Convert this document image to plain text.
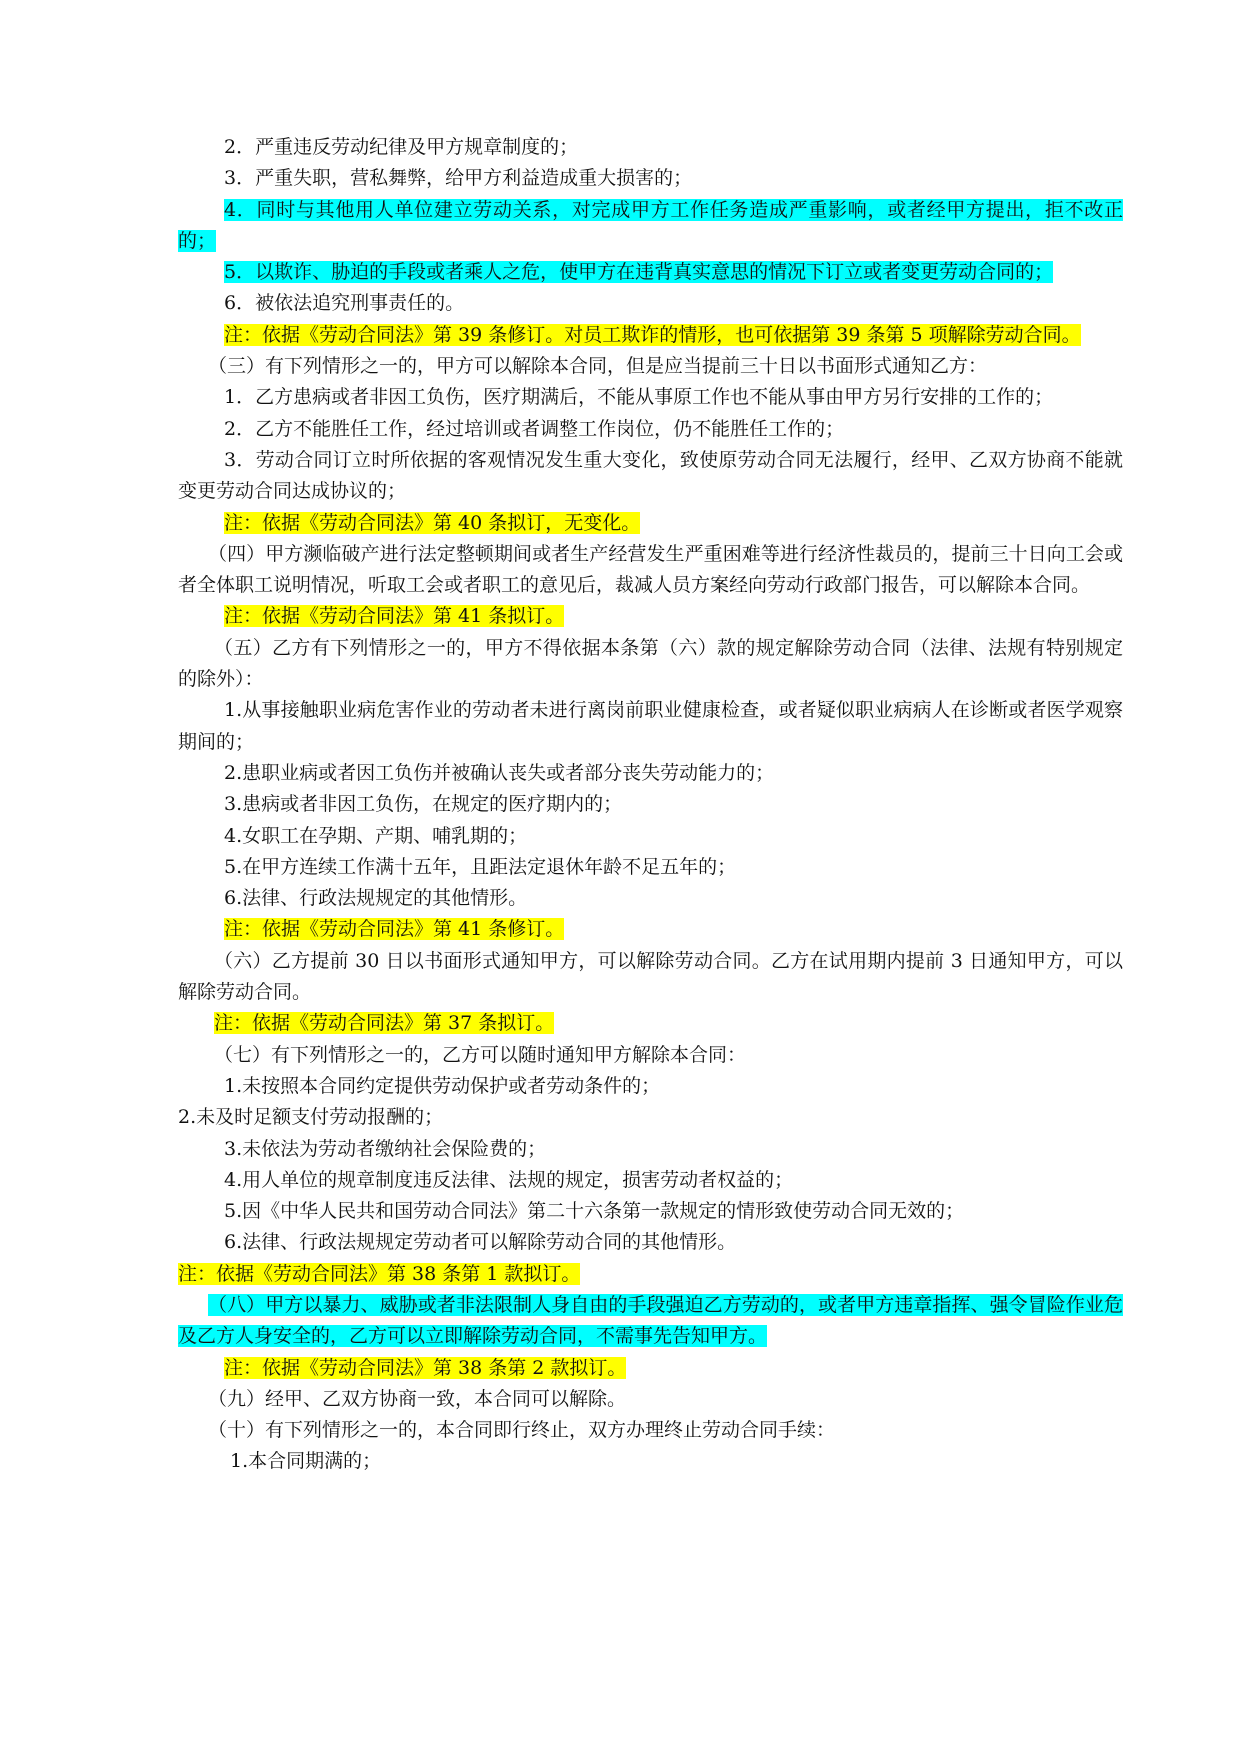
2．严重违反劳动纪律及甲方规章制度的；

3．严重失职，营私舞弊，给甲方利益造成重大损害的；

4．同时与其他用人单位建立劳动关系，对完成甲方工作任务造成严重影响，或者经甲方提出，拒不改正的；

5．以欺诈、胁迫的手段或者乘人之危，使甲方在违背真实意思的情况下订立或者变更劳动合同的；

6．被依法追究刑事责任的。

注：依据《劳动合同法》第 39 条修订。对员工欺诈的情形，也可依据第 39 条第 5 项解除劳动合同。

（三）有下列情形之一的，甲方可以解除本合同，但是应当提前三十日以书面形式通知乙方：

1．乙方患病或者非因工负伤，医疗期满后，不能从事原工作也不能从事由甲方另行安排的工作的；

2．乙方不能胜任工作，经过培训或者调整工作岗位，仍不能胜任工作的；

3．劳动合同订立时所依据的客观情况发生重大变化，致使原劳动合同无法履行，经甲、乙双方协商不能就变更劳动合同达成协议的；

注：依据《劳动合同法》第 40 条拟订，无变化。

（四）甲方濒临破产进行法定整顿期间或者生产经营发生严重困难等进行经济性裁员的，提前三十日向工会或者全体职工说明情况，听取工会或者职工的意见后，裁减人员方案经向劳动行政部门报告，可以解除本合同。

注：依据《劳动合同法》第 41 条拟订。

（五）乙方有下列情形之一的，甲方不得依据本条第（六）款的规定解除劳动合同（法律、法规有特别规定的除外）：

1.从事接触职业病危害作业的劳动者未进行离岗前职业健康检查，或者疑似职业病病人在诊断或者医学观察期间的；

2.患职业病或者因工负伤并被确认丧失或者部分丧失劳动能力的；

3.患病或者非因工负伤，在规定的医疗期内的；

4.女职工在孕期、产期、哺乳期的；

5.在甲方连续工作满十五年，且距法定退休年龄不足五年的；

6.法律、行政法规规定的其他情形。

注：依据《劳动合同法》第 41 条修订。

（六）乙方提前 30 日以书面形式通知甲方，可以解除劳动合同。乙方在试用期内提前 3 日通知甲方，可以解除劳动合同。

注：依据《劳动合同法》第 37 条拟订。

（七）有下列情形之一的，乙方可以随时通知甲方解除本合同：

1.未按照本合同约定提供劳动保护或者劳动条件的；

2.未及时足额支付劳动报酬的；

3.未依法为劳动者缴纳社会保险费的；

4.用人单位的规章制度违反法律、法规的规定，损害劳动者权益的；

5.因《中华人民共和国劳动合同法》第二十六条第一款规定的情形致使劳动合同无效的；

6.法律、行政法规规定劳动者可以解除劳动合同的其他情形。

注：依据《劳动合同法》第 38 条第 1 款拟订。

（八）甲方以暴力、威胁或者非法限制人身自由的手段强迫乙方劳动的，或者甲方违章指挥、强令冒险作业危及乙方人身安全的，乙方可以立即解除劳动合同，不需事先告知甲方。

注：依据《劳动合同法》第 38 条第 2 款拟订。

（九）经甲、乙双方协商一致，本合同可以解除。

（十）有下列情形之一的，本合同即行终止，双方办理终止劳动合同手续：

1.本合同期满的；
